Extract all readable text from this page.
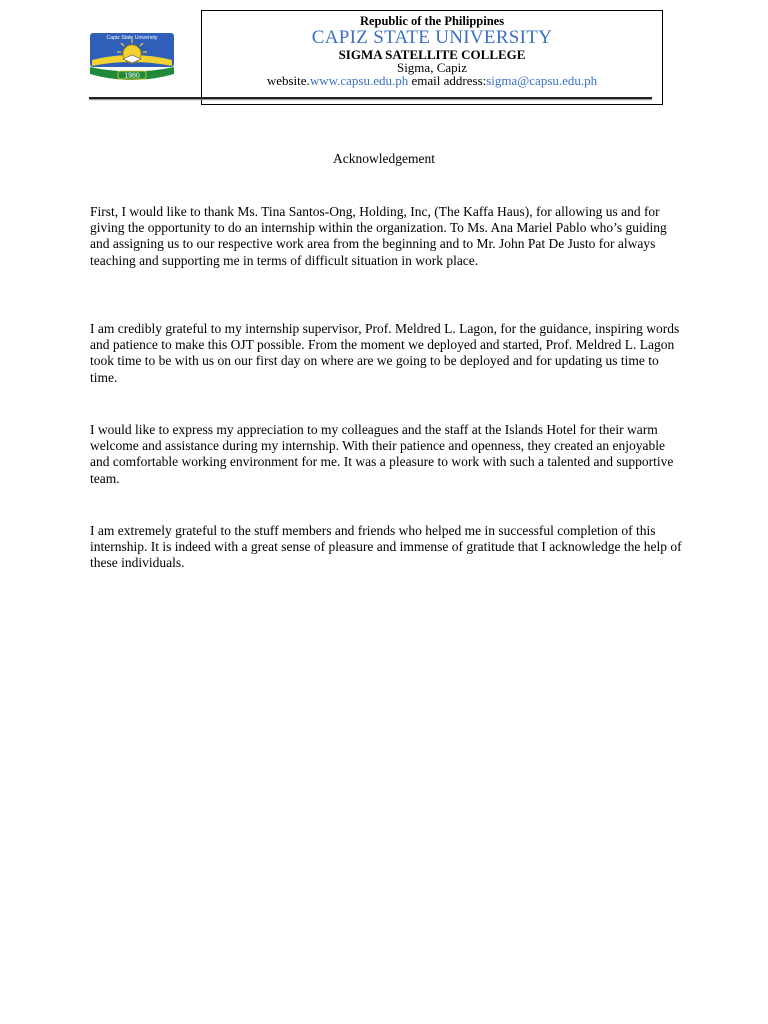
1980
Capiz State University
Republic of the Philippines
CAPIZ STATE UNIVERSITY
SIGMA SATELLITE COLLEGE
Sigma, Capiz
website.www.capsu.edu.ph email address:sigma@capsu.edu.ph
Acknowledgement

First, I would like to thank Ms. Tina Santos-Ong, Holding, Inc, (The Kaffa Haus), for allowing us and for giving the opportunity to do an internship within the organization. To Ms. Ana Mariel Pablo who’s guiding and assigning us to our respective work area from the beginning and to Mr. John Pat De Justo for always teaching and supporting me in terms of difficult situation in work place.

I am credibly grateful to my internship supervisor, Prof. Meldred L. Lagon, for the guidance, inspiring words and patience to make this OJT possible. From the moment we deployed and started, Prof. Meldred L. Lagon took time to be with us on our first day on where are we going to be deployed and for updating us time to time.

I would like to express my appreciation to my colleagues and the staff at the Islands Hotel for their warm welcome and assistance during my internship. With their patience and openness, they created an enjoyable and comfortable working environment for me. It was a pleasure to work with such a talented and supportive team.

I am extremely grateful to the stuff members and friends who helped me in successful completion of this internship. It is indeed with a great sense of pleasure and immense of gratitude that I acknowledge the help of these individuals.
